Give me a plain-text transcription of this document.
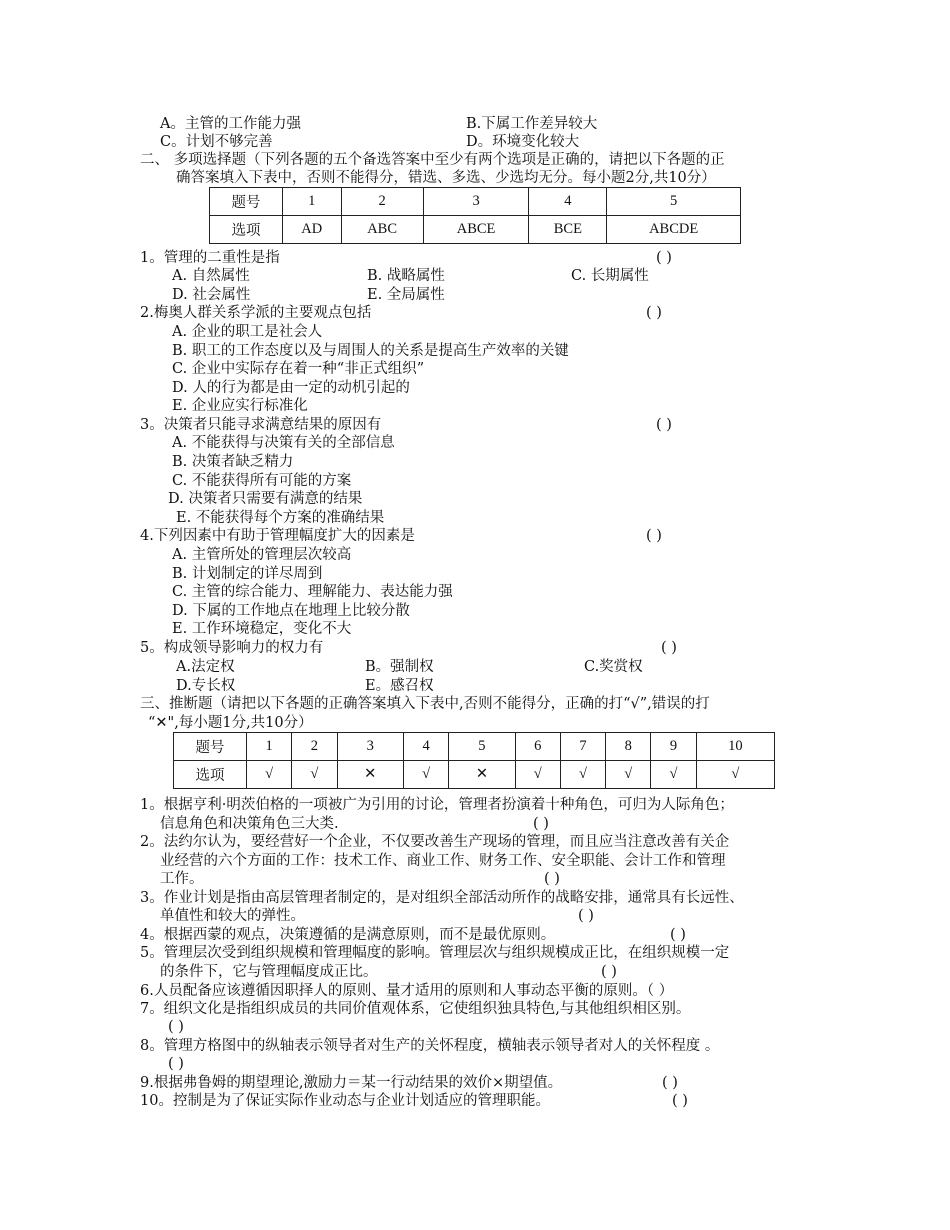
A。主管的工作能力强	B.下属工作差异较大
C。计划不够完善	D。环境变化较大
二、 多项选择题（下列各题的五个备选答案中至少有两个选项是正确的，请把以下各题的正
确答案填入下表中，否则不能得分，错选、多选、少选均无分。每小题2分,共10分）
题号	1	2	3	4	5
选项	AD	ABC	ABCE	BCE	ABCDE
1。管理的二重性是指	( )
A. 自然属性	B. 战略属性	C. 长期属性
D. 社会属性	E. 全局属性
2.梅奥人群关系学派的主要观点包括	( )
A. 企业的职工是社会人
B. 职工的工作态度以及与周围人的关系是提高生产效率的关键
C. 企业中实际存在着一种“非正式组织”
D. 人的行为都是由一定的动机引起的
E. 企业应实行标准化
3。决策者只能寻求满意结果的原因有	( )
A. 不能获得与决策有关的全部信息
B. 决策者缺乏精力
C. 不能获得所有可能的方案
D. 决策者只需要有满意的结果
E. 不能获得每个方案的准确结果
4.下列因素中有助于管理幅度扩大的因素是	( )
A. 主管所处的管理层次较高
B. 计划制定的详尽周到
C. 主管的综合能力、理解能力、表达能力强
D. 下属的工作地点在地理上比较分散
E. 工作环境稳定，变化不大
5。构成领导影响力的权力有	( )
A.法定权	B。强制权	C.奖赏权
D.专长权	E。感召权
三、推断题（请把以下各题的正确答案填入下表中,否则不能得分，正确的打“√”,错误的打
“✕",每小题1分,共10分）
题号	1	2	3	4	5	6	7	8	9	10
选项	√	√	✕	√	✕	√	√	√	√	√
1。根据亨利·明茨伯格的一项被广为引用的讨论，管理者扮演着十种角色，可归为人际角色；
信息角色和决策角色三大类.	( )
2。法约尔认为，要经营好一个企业，不仅要改善生产现场的管理，而且应当注意改善有关企
业经营的六个方面的工作：技术工作、商业工作、财务工作、安全职能、会计工作和管理
工作。	( )
3。作业计划是指由高层管理者制定的，是对组织全部活动所作的战略安排，通常具有长远性、
单值性和较大的弹性。	( )
4。根据西蒙的观点，决策遵循的是满意原则，而不是最优原则。	( )
5。管理层次受到组织规模和管理幅度的影响。管理层次与组织规模成正比，在组织规模一定
的条件下，它与管理幅度成正比。	( )
6.人员配备应该遵循因职择人的原则、量才适用的原则和人事动态平衡的原则。（ ）
7。组织文化是指组织成员的共同价值观体系，它使组织独具特色,与其他组织相区别。
( )
8。管理方格图中的纵轴表示领导者对生产的关怀程度，横轴表示领导者对人的关怀程度 。
( )
9.根据弗鲁姆的期望理论,激励力＝某一行动结果的效价×期望值。	( )
10。控制是为了保证实际作业动态与企业计划适应的管理职能。	( )
